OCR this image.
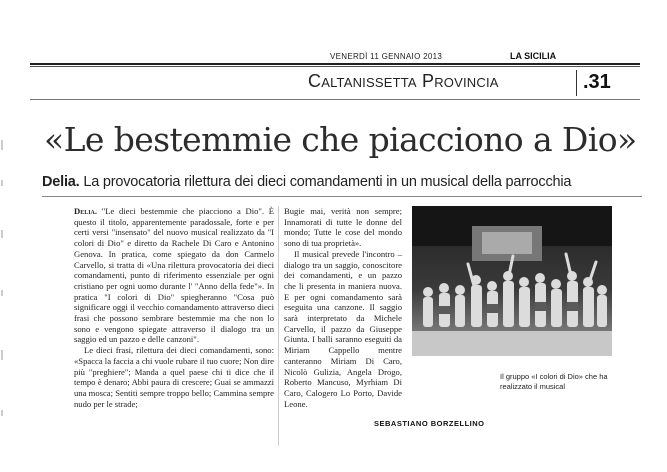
VENERDÌ 11 GENNAIO 2013	LA SICILIA
Caltanissetta Provincia	.31
«Le bestemmie che piacciono a Dio»
Delia. La provocatoria rilettura dei dieci comandamenti in un musical della parrocchia

Delia. "Le dieci bestemmie che piacciono a Dio". È questo il titolo, apparentemente paradossale, forte e per certi versi "insensato" del nuovo musical realizzato da "I colori di Dio" e diretto da Rachele Di Caro e Antonino Genova. In pratica, come spiegato da don Carmelo Carvello, si tratta di «Una rilettura provocatoria dei dieci comandamenti, punto di riferimento essenziale per ogni cristiano per ogni uomo durante l' "Anno della fede"». In pratica "I colori di Dio" spiegheranno "Cosa può significare oggi il vecchio comandamento attraverso dieci frasi che possono sembrare bestemmie ma che non lo sono e vengono spiegate attraverso il dialogo tra un saggio ed un pazzo e delle canzoni".

Le dieci frasi, rilettura dei dieci comandamenti, sono: «Spacca la faccia a chi vuole rubare il tuo cuore; Non dire più "preghiere"; Manda a quel paese chi ti dice che il tempo è denaro; Abbi paura di crescere; Guai se ammazzi una mosca; Sentiti sempre troppo bello; Cammina sempre nudo per le strade;

Bugie mai, verità non sempre; Innamorati di tutte le donne del mondo; Tutte le cose del mondo sono di tua proprietà».

Il musical prevede l'incontro – dialogo tra un saggio, conoscitore dei comandamenti, e un pazzo che li presenta in maniera nuova. E per ogni comandamento sarà eseguita una canzone. Il saggio sarà interpretato da Michele Carvello, il pazzo da Giuseppe Giunta. I balli saranno eseguiti da Miriam Cappello mentre canteranno Miriam Di Caro, Nicolò Gulizia, Angela Drogo, Roberto Mancuso, Myrhiam Di Caro, Calogero Lo Porto, Davide Leone.

Il gruppo «I colori di Dio» che ha realizzato il musical
SEBASTIANO BORZELLINO
